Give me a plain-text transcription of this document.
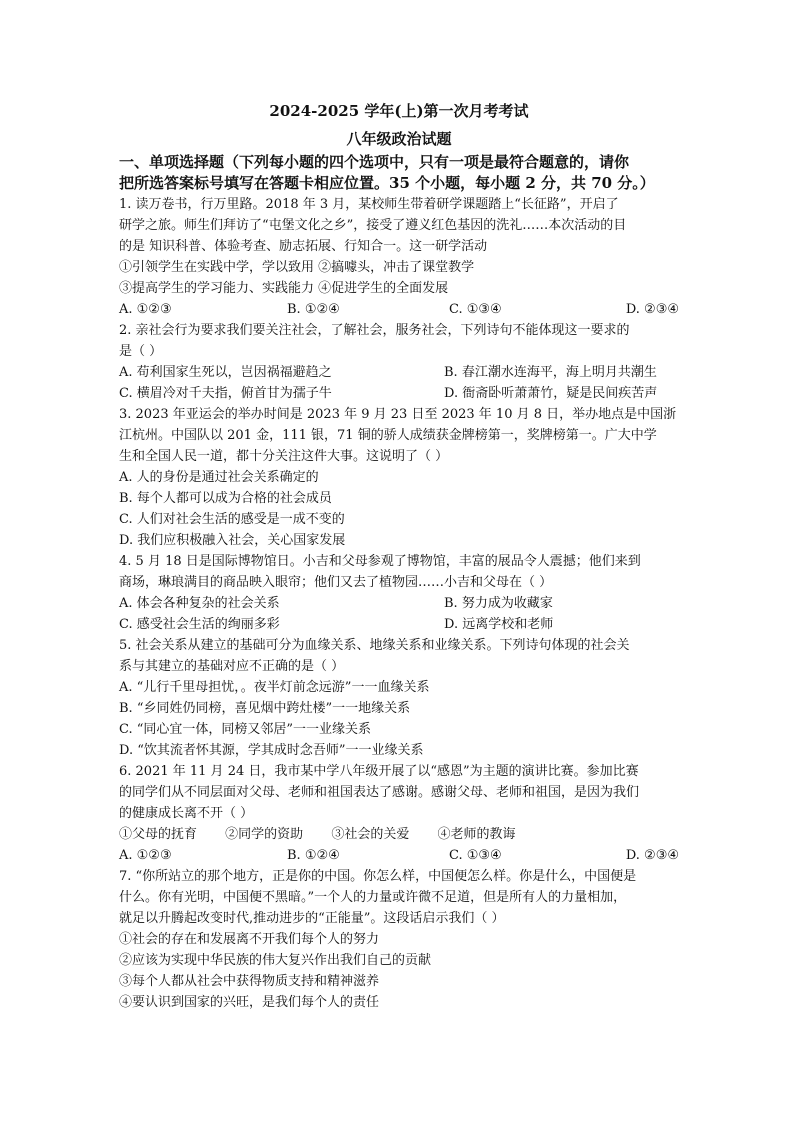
2024-2025 学年(上)第一次月考考试

八年级政治试题

一、单项选择题（下列每小题的四个选项中，只有一项是最符合题意的，请你

把所选答案标号填写在答题卡相应位置。35 个小题，每小题 2 分，共 70 分。）

1. 读万卷书，行万里路。2018 年 3 月，某校师生带着研学课题踏上“长征路”，开启了

研学之旅。师生们拜访了“屯堡文化之乡”，接受了遵义红色基因的洗礼……本次活动的目

的是 知识科普、体验考查、励志拓展、行知合一。这一研学活动

①引领学生在实践中学，学以致用 ②搞噱头，冲击了课堂教学

③提高学生的学习能力、实践能力 ④促进学生的全面发展

A. ①②③	B. ①②④	C. ①③④	D. ②③④

2. 亲社会行为要求我们要关注社会，了解社会，服务社会，下列诗句不能体现这一要求的

是（ ）

A. 苟利国家生死以，岂因祸福避趋之	B. 春江潮水连海平，海上明月共潮生
C. 横眉冷对千夫指，俯首甘为孺子牛	D. 衙斋卧听萧萧竹，疑是民间疾苦声

3. 2023 年亚运会的举办时间是 2023 年 9 月 23 日至 2023 年 10 月 8 日，举办地点是中国浙

江杭州。中国队以 201 金，111 银，71 铜的骄人成绩获金牌榜第一，奖牌榜第一。广大中学

生和全国人民一道，都十分关注这件大事。这说明了（ ）

A. 人的身份是通过社会关系确定的

B. 每个人都可以成为合格的社会成员

C. 人们对社会生活的感受是一成不变的

D. 我们应积极融入社会，关心国家发展

4. 5 月 18 日是国际博物馆日。小吉和父母参观了博物馆，丰富的展品令人震撼；他们来到

商场，琳琅满目的商品映入眼帘；他们又去了植物园……小吉和父母在（ ）

A. 体会各种复杂的社会关系	B. 努力成为收藏家
C. 感受社会生活的绚丽多彩	D. 远离学校和老师

5. 社会关系从建立的基础可分为血缘关系、地缘关系和业缘关系。下列诗句体现的社会关

系与其建立的基础对应不正确的是（ ）

A. “儿行千里母担忧，。夜半灯前念远游”一一血缘关系

B. “乡同姓仍同榜，喜见烟中跨灶楼”一一地缘关系

C. “同心宜一体，同榜又邻居”一一业缘关系

D. “饮其流者怀其源，学其成时念吾师”一一业缘关系

6. 2021 年 11 月 24 日，我市某中学八年级开展了以“感恩”为主题的演讲比赛。参加比赛

的同学们从不同层面对父母、老师和祖国表达了感谢。感谢父母、老师和祖国，是因为我们

的健康成长离不开（ ）

①父母的抚育 ②同学的资助 ③社会的关爱 ④老师的教诲
A. ①②③	B. ①②④	C. ①③④	D. ②③④

7. “你所站立的那个地方，正是你的中国。你怎么样，中国便怎么样。你是什么，中国便是

什么。你有光明，中国便不黑暗。”一个人的力量或许微不足道，但是所有人的力量相加，

就足以升腾起改变时代,推动进步的“正能量”。这段话启示我们（ ）

①社会的存在和发展离不开我们每个人的努力

②应该为实现中华民族的伟大复兴作出我们自己的贡献

③每个人都从社会中获得物质支持和精神滋养

④要认识到国家的兴旺，是我们每个人的责任
